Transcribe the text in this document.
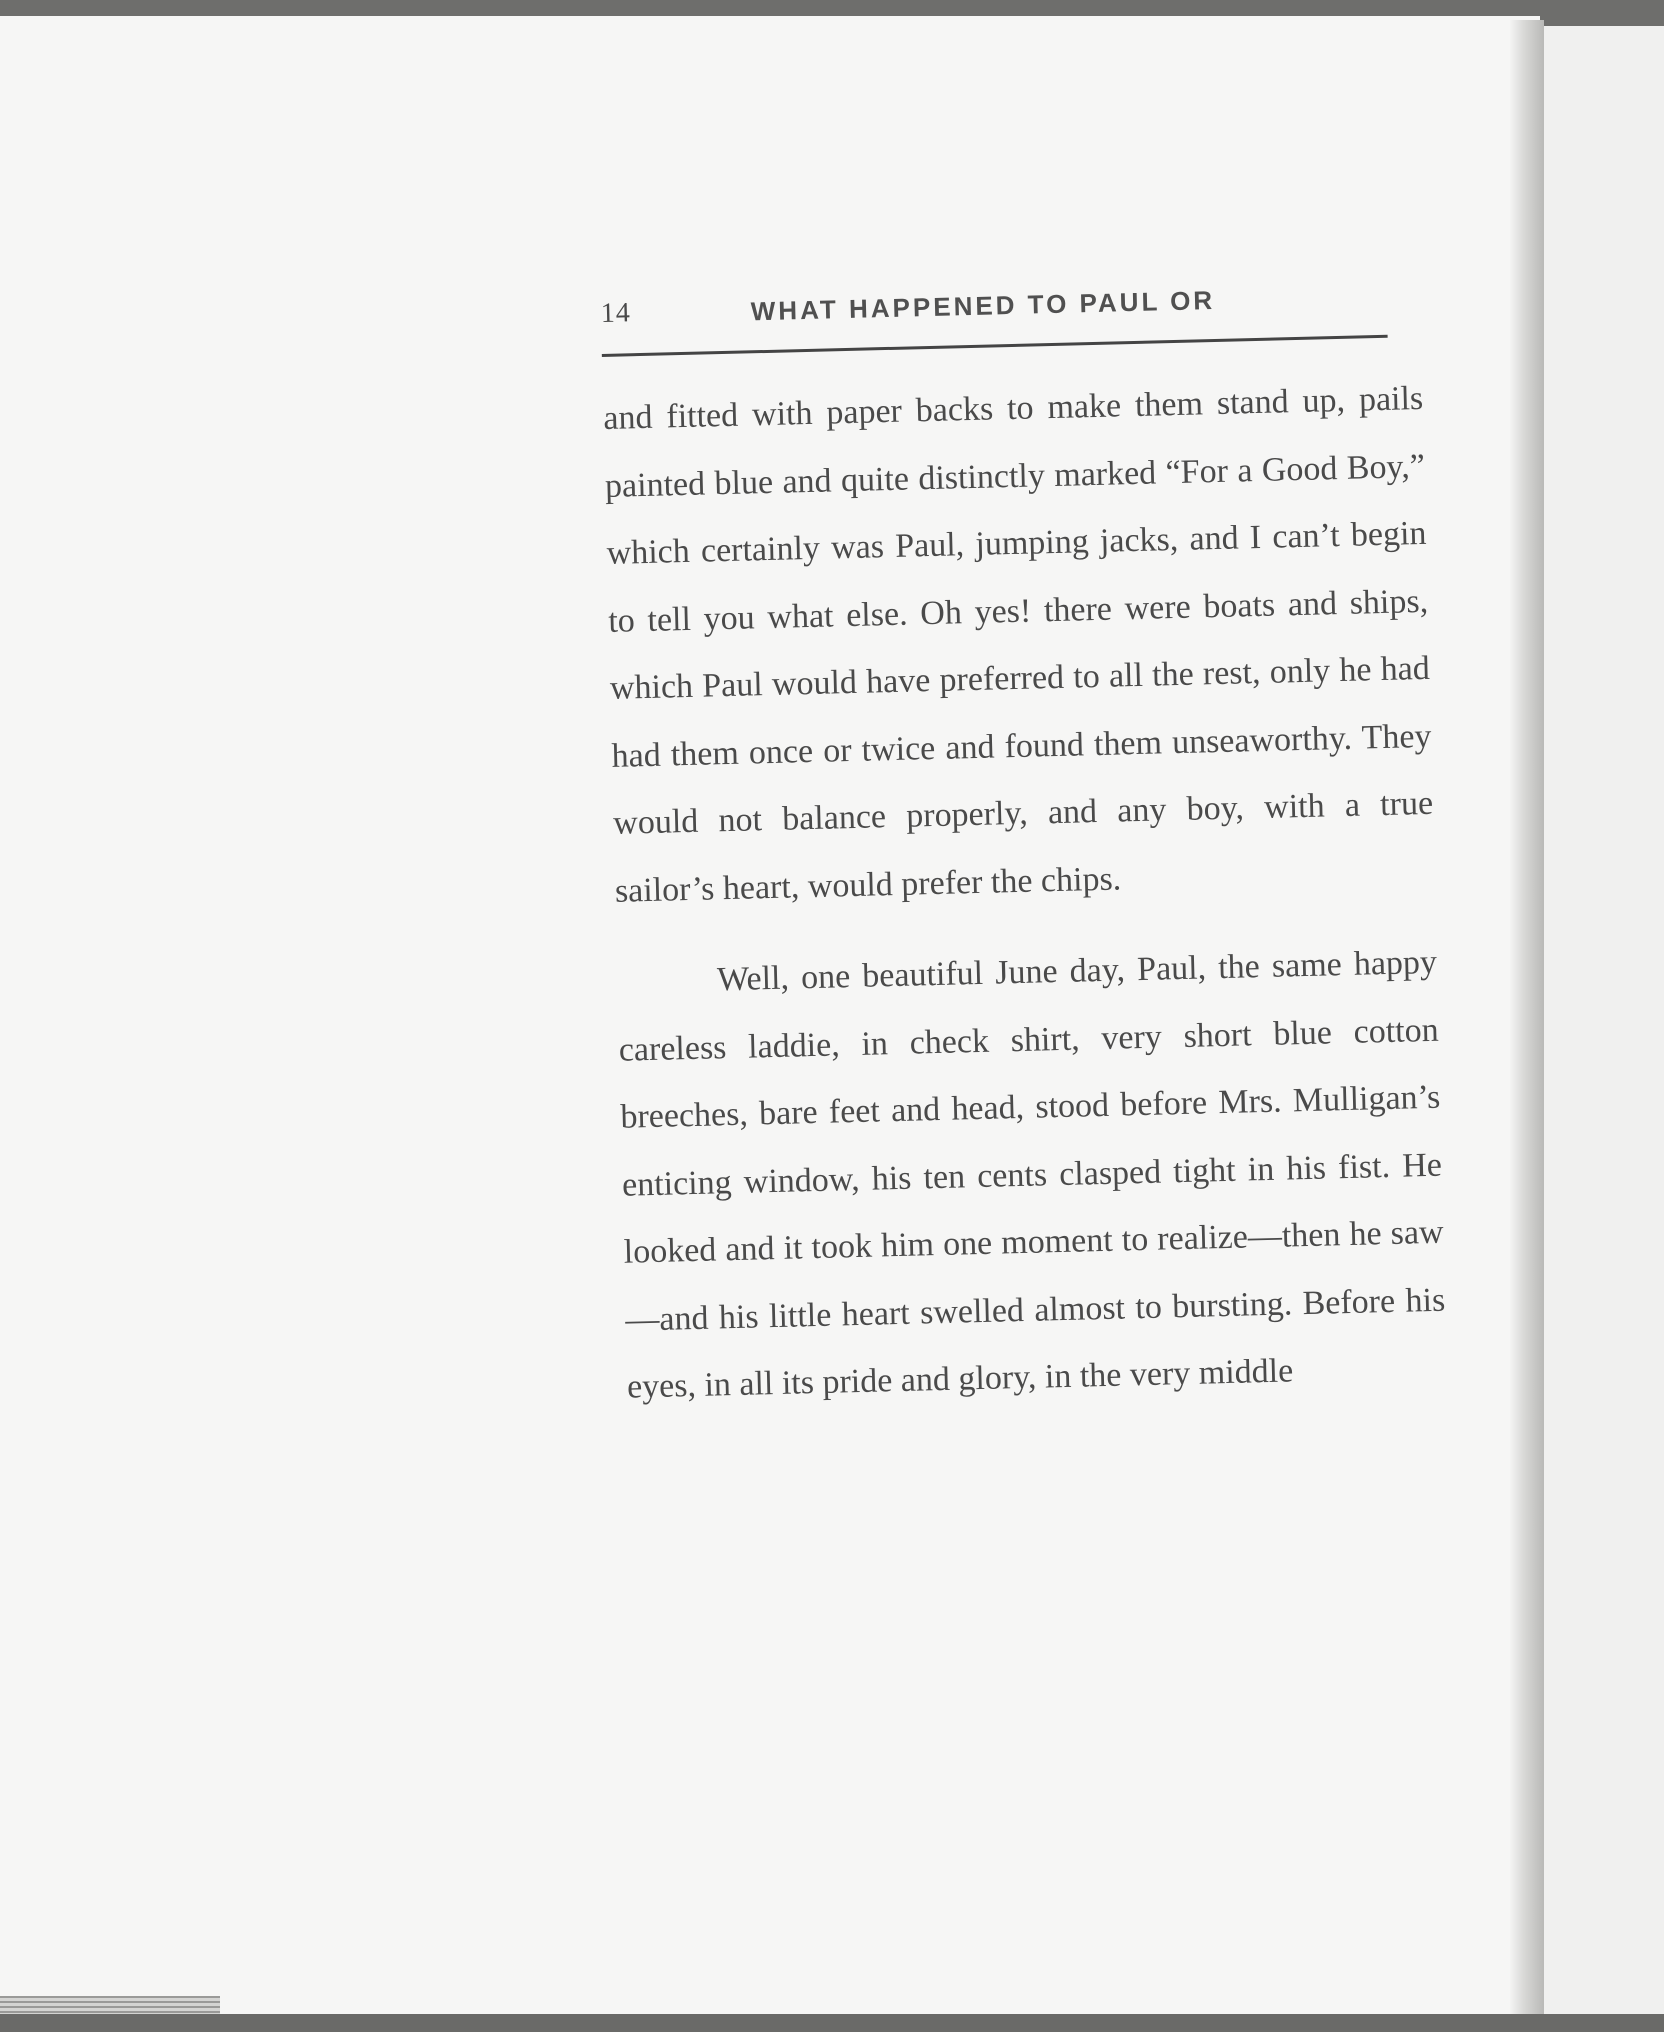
14	WHAT HAPPENED TO PAUL OR

and fitted with paper backs to make them stand up, pails painted blue and quite distinctly marked “For a Good Boy,” which certainly was Paul, jumping jacks, and I can’t begin to tell you what else. Oh yes! there were boats and ships, which Paul would have preferred to all the rest, only he had had them once or twice and found them unseaworthy. They would not balance properly, and any boy, with a true sailor’s heart, would prefer the chips.

Well, one beautiful June day, Paul, the same happy careless laddie, in check shirt, very short blue cotton breeches, bare feet and head, stood before Mrs. Mulligan’s enticing window, his ten cents clasped tight in his fist. He looked and it took him one moment to realize—then he saw—and his little heart swelled almost to bursting. Before his eyes, in all its pride and glory, in the very middle
